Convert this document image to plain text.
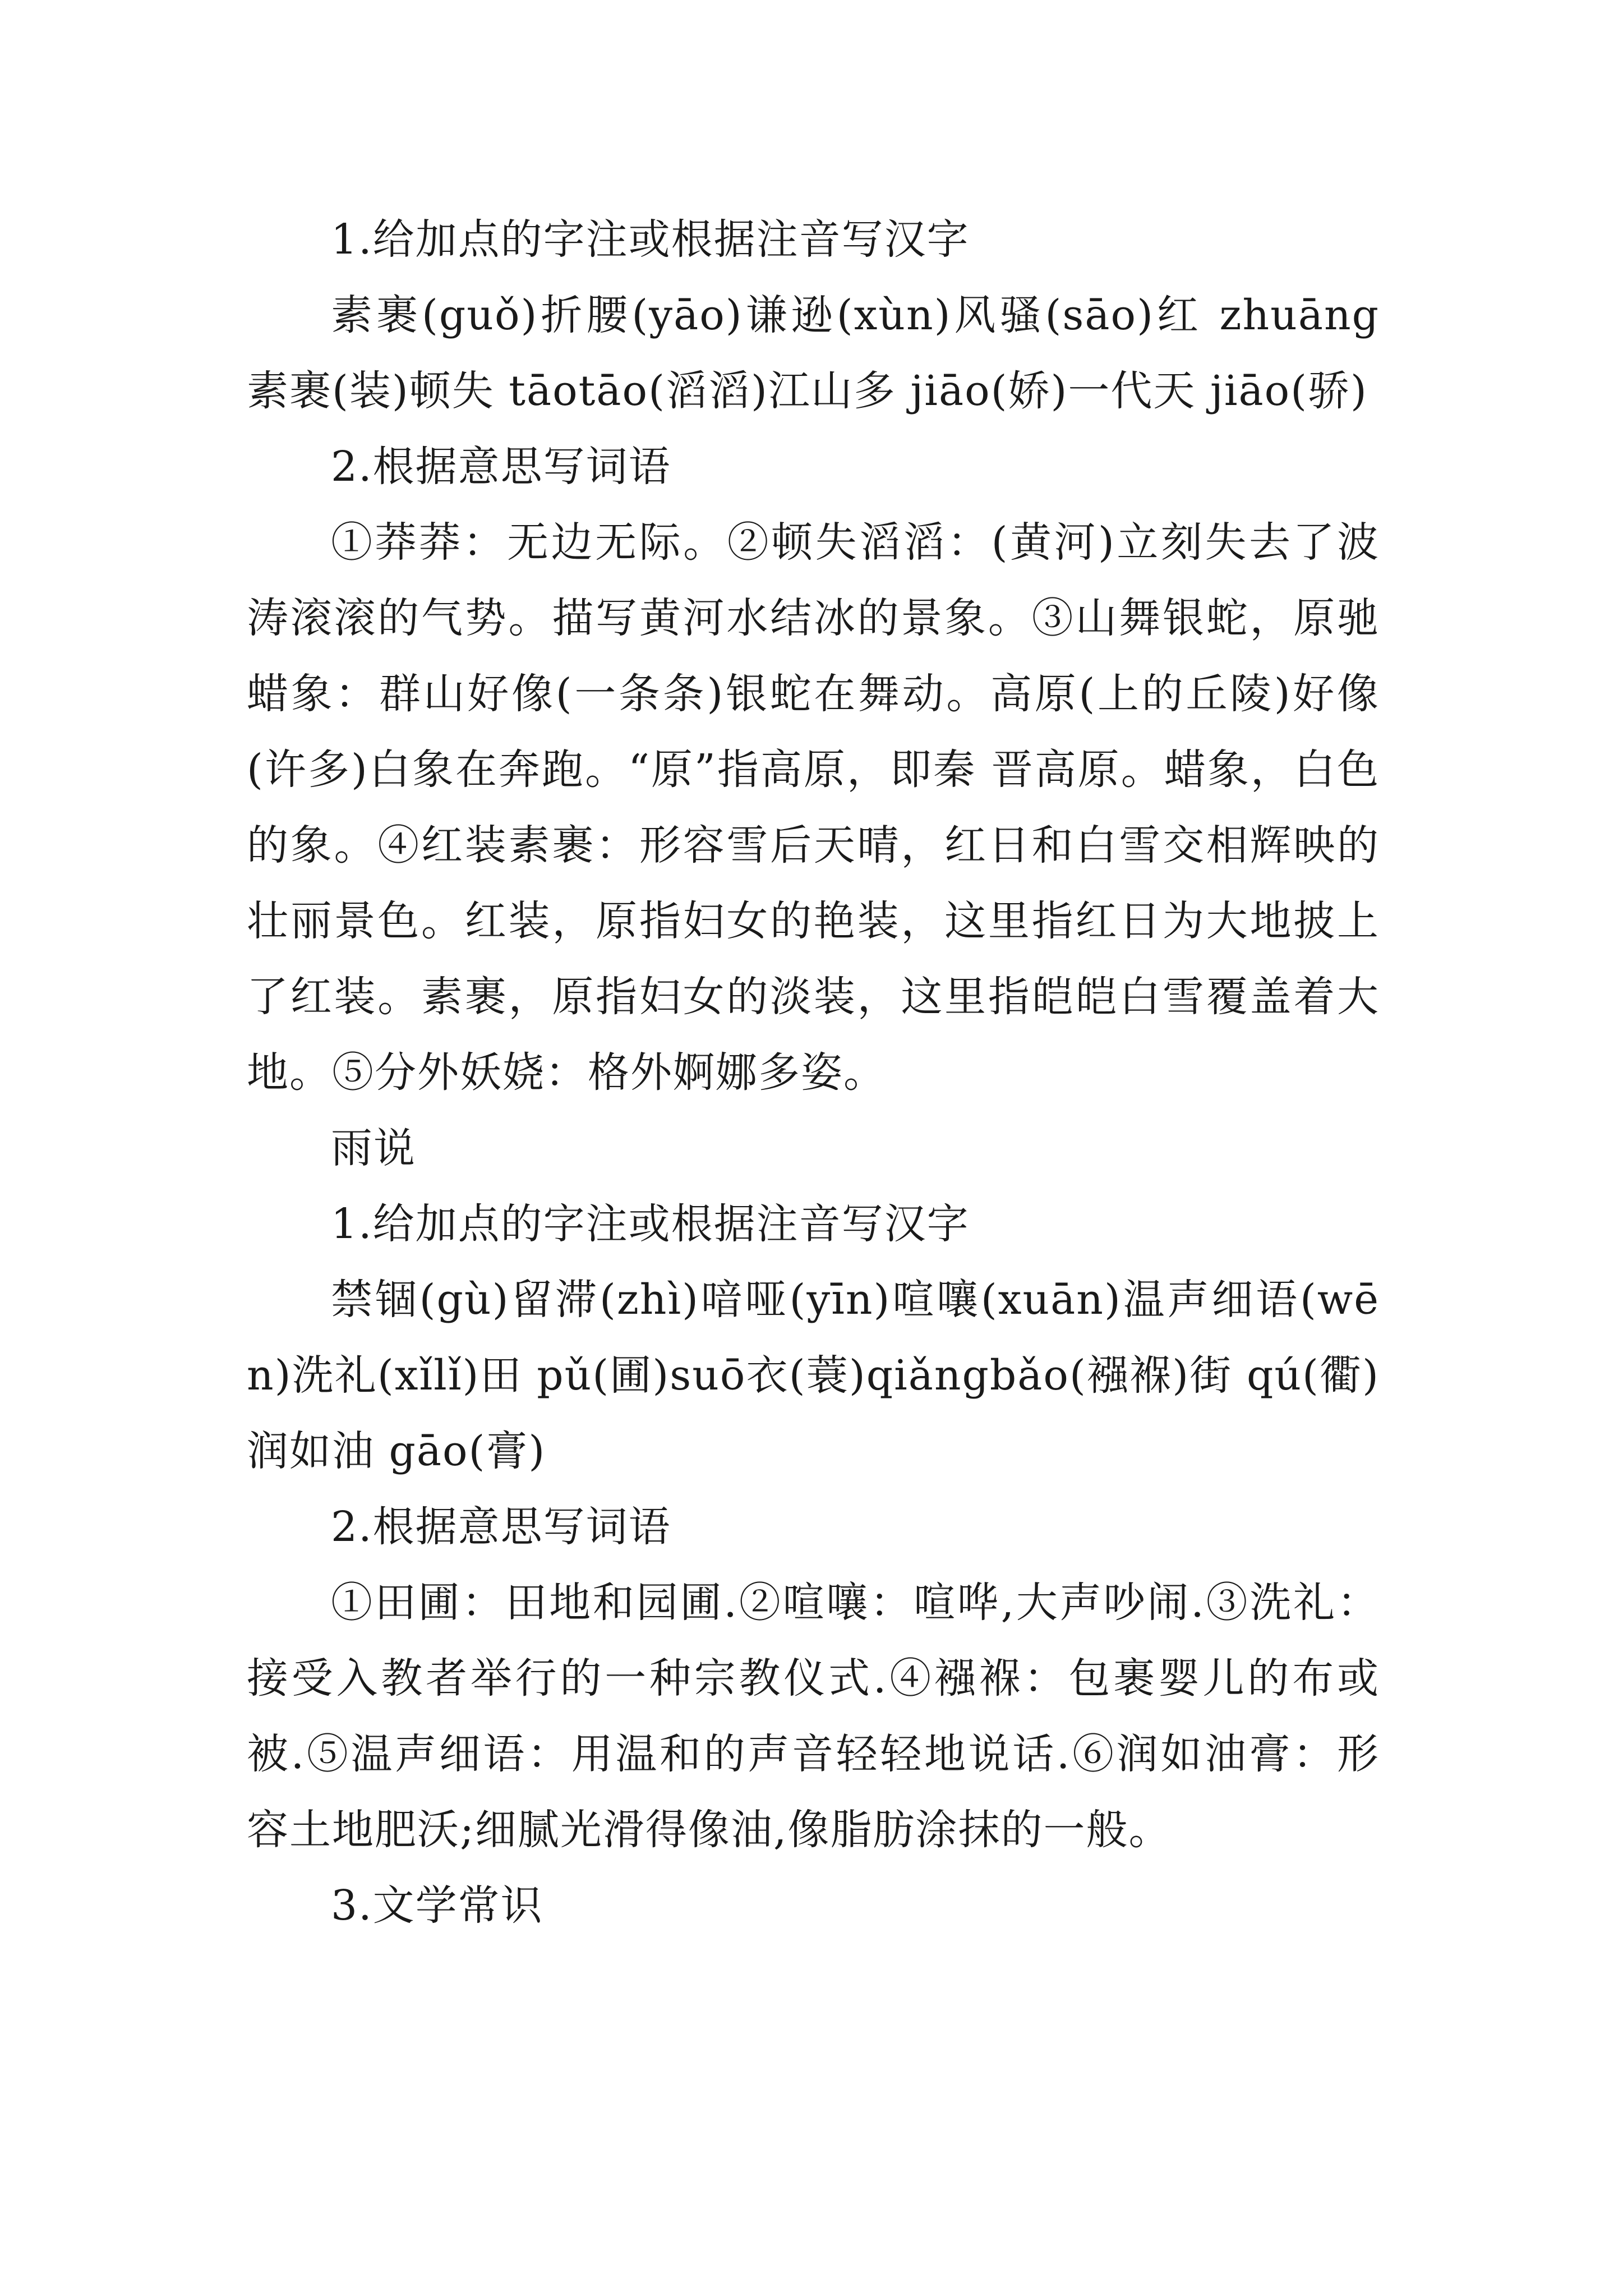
1.给加点的字注或根据注音写汉字

素裹(guǒ)折腰(yāo)谦逊(xùn)风骚(sāo)红 zhuāng 素裹(装)顿失 tāotāo(滔滔)江山多 jiāo(娇)一代天 jiāo(骄)

2.根据意思写词语

①莽莽：无边无际。②顿失滔滔：(黄河)立刻失去了波涛滚滚的气势。描写黄河水结冰的景象。③山舞银蛇，原驰蜡象：群山好像(一条条)银蛇在舞动。高原(上的丘陵)好像(许多)白象在奔跑。“原”指高原，即秦 晋高原。蜡象，白色的象。④红装素裹：形容雪后天晴，红日和白雪交相辉映的壮丽景色。红装，原指妇女的艳装，这里指红日为大地披上了红装。素裹，原指妇女的淡装，这里指皑皑白雪覆盖着大地。⑤分外妖娆：格外婀娜多姿。

雨说

1.给加点的字注或根据注音写汉字

禁锢(gù)留滞(zhì)喑哑(yīn)喧嚷(xuān)温声细语(wēn)洗礼(xǐlǐ)田 pǔ(圃)suō衣(蓑)qiǎngbǎo(襁褓)街 qú(衢)润如油 gāo(膏)

2.根据意思写词语

①田圃：田地和园圃.②喧嚷：喧哗,大声吵闹.③洗礼：接受入教者举行的一种宗教仪式.④襁褓：包裹婴儿的布或被.⑤温声细语：用温和的声音轻轻地说话.⑥润如油膏：形容土地肥沃;细腻光滑得像油,像脂肪涂抹的一般。

3.文学常识
